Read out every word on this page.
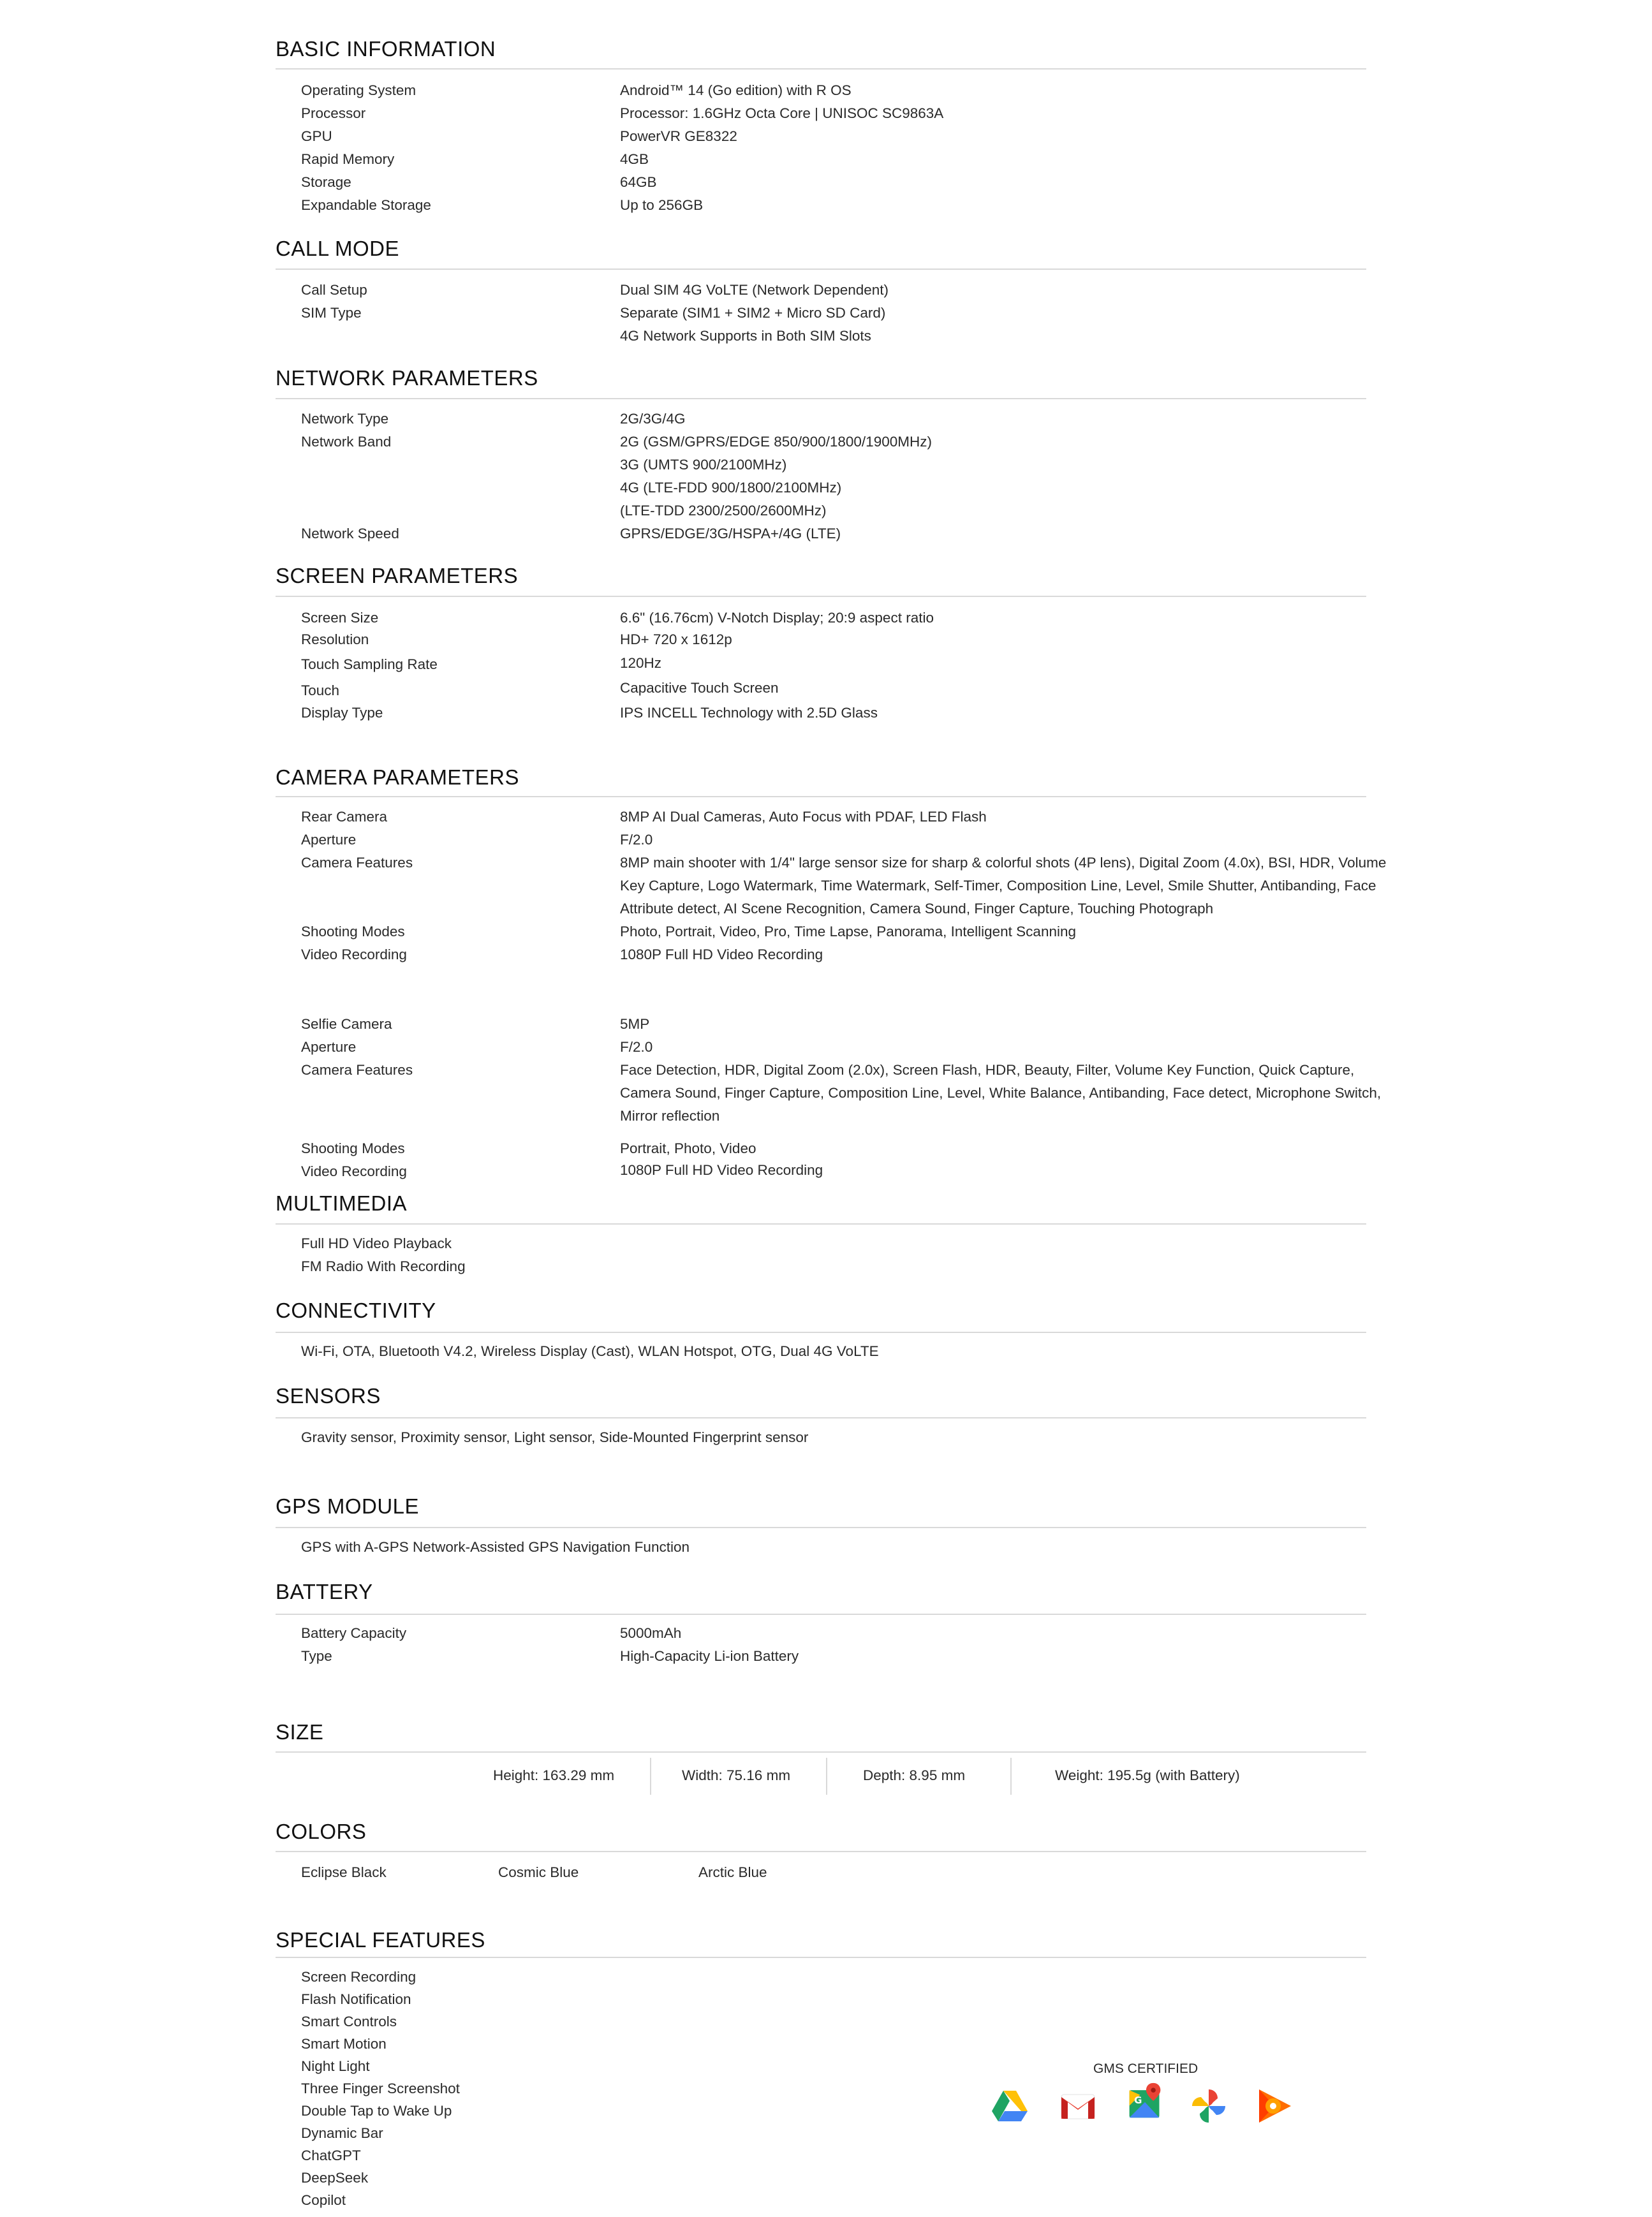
BASIC INFORMATION
Operating System	Android™ 14 (Go edition) with R OS
Processor	Processor: 1.6GHz Octa Core | UNISOC SC9863A
GPU	PowerVR GE8322
Rapid Memory	4GB
Storage	64GB
Expandable Storage	Up to 256GB
CALL MODE
Call Setup	Dual SIM 4G VoLTE (Network Dependent)
SIM Type	Separate (SIM1 + SIM2 + Micro SD Card)
4G Network Supports in Both SIM Slots
NETWORK PARAMETERS
Network Type	2G/3G/4G
Network Band	2G (GSM/GPRS/EDGE 850/900/1800/1900MHz)
3G (UMTS 900/2100MHz)
4G (LTE-FDD 900/1800/2100MHz)
(LTE-TDD 2300/2500/2600MHz)
Network Speed	GPRS/EDGE/3G/HSPA+/4G (LTE)
SCREEN PARAMETERS
Screen Size	6.6" (16.76cm) V-Notch Display; 20:9 aspect ratio
Resolution	HD+ 720 x 1612p
Touch Sampling Rate	120Hz
Touch	Capacitive Touch Screen
Display Type	IPS INCELL Technology with 2.5D Glass
CAMERA PARAMETERS
Rear Camera	8MP AI Dual Cameras, Auto Focus with PDAF, LED Flash
Aperture	F/2.0
Camera Features	8MP main shooter with 1/4" large sensor size for sharp & colorful shots (4P lens), Digital Zoom (4.0x), BSI, HDR, Volume Key Capture, Logo Watermark, Time Watermark, Self-Timer, Composition Line, Level, Smile Shutter, Antibanding, Face Attribute detect, AI Scene Recognition, Camera Sound, Finger Capture, Touching Photograph
Shooting Modes	Photo, Portrait, Video, Pro, Time Lapse, Panorama, Intelligent Scanning
Video Recording	1080P Full HD Video Recording
Selfie Camera	5MP
Aperture	F/2.0
Camera Features	Face Detection, HDR, Digital Zoom (2.0x), Screen Flash, HDR, Beauty, Filter, Volume Key Function, Quick Capture, Camera Sound, Finger Capture, Composition Line, Level, White Balance, Antibanding, Face detect, Microphone Switch, Mirror reflection
Shooting Modes	Portrait, Photo, Video
Video Recording	1080P Full HD Video Recording
MULTIMEDIA
Full HD Video Playback
FM Radio With Recording
CONNECTIVITY
Wi-Fi, OTA, Bluetooth V4.2, Wireless Display (Cast), WLAN Hotspot, OTG, Dual 4G VoLTE
SENSORS
Gravity sensor, Proximity sensor, Light sensor, Side-Mounted Fingerprint sensor
GPS MODULE
GPS with A-GPS Network-Assisted GPS Navigation Function
BATTERY
Battery Capacity	5000mAh
Type	High-Capacity Li-ion Battery
SIZE
Height: 163.29 mm	Width: 75.16 mm	Depth: 8.95 mm	Weight: 195.5g (with Battery)
COLORS
Eclipse Black	Cosmic Blue	Arctic Blue
SPECIAL FEATURES
Screen Recording
Flash Notification
Smart Controls
Smart Motion
Night Light
Three Finger Screenshot
Double Tap to Wake Up
Dynamic Bar
ChatGPT
DeepSeek
Copilot
GMS CERTIFIED
G
